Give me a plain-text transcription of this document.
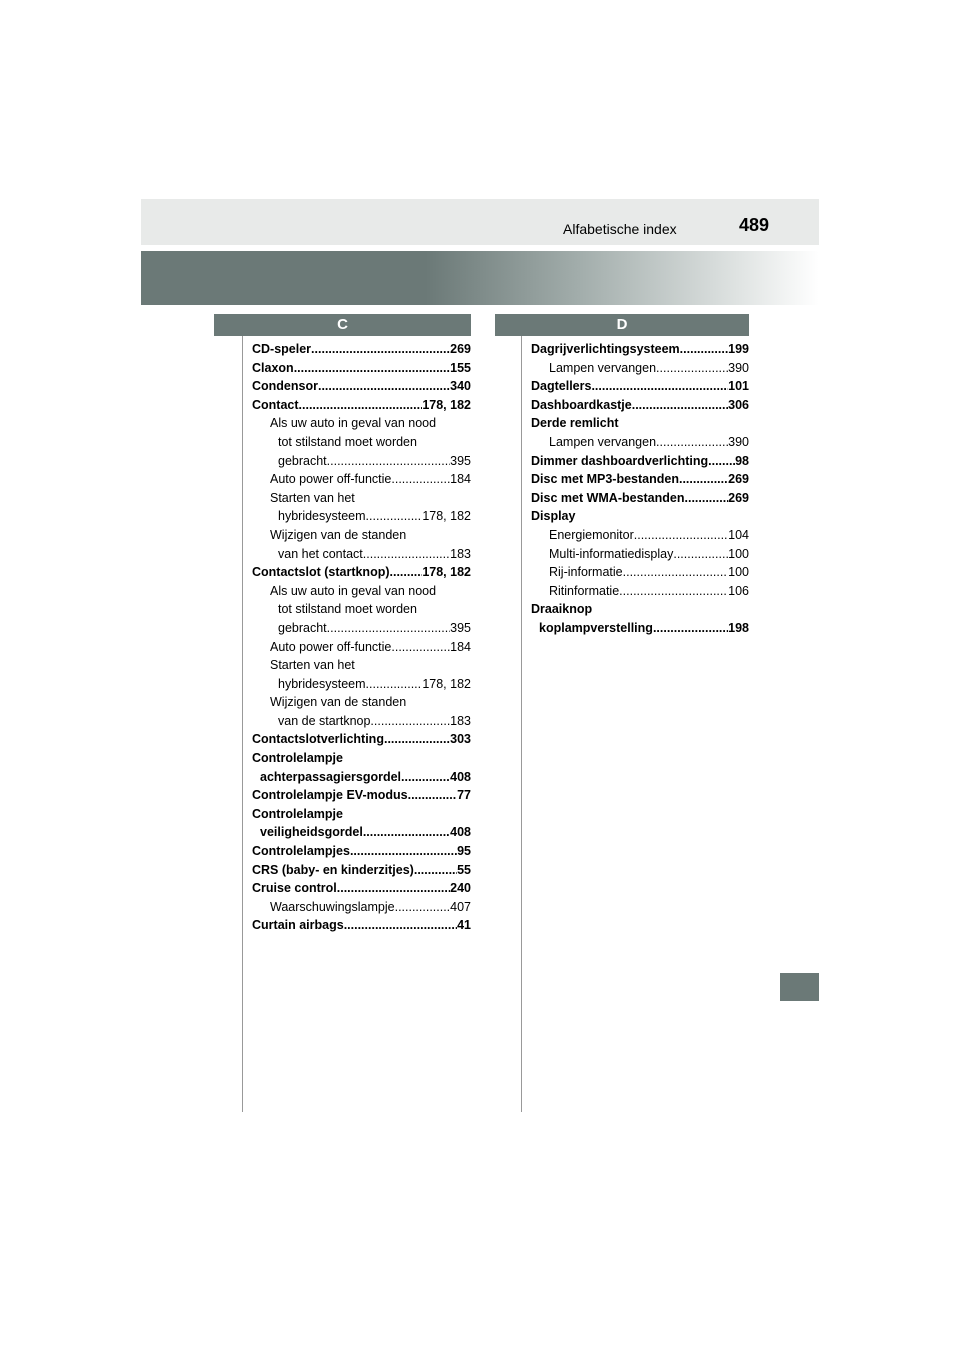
Alfabetische index	489
C	D
CD-speler .....	269
Claxon .....	155
Condensor .....	340
Contact .....	178, 182
Als uw auto in geval van nood
tot stilstand moet worden
gebracht .....	395
Auto power off-functie .....	184
Starten van het
hybridesysteem .....	178, 182
Wijzigen van de standen
van het contact .....	183
Contactslot (startknop) .....	178, 182
Als uw auto in geval van nood
tot stilstand moet worden
gebracht .....	395
Auto power off-functie .....	184
Starten van het
hybridesysteem .....	178, 182
Wijzigen van de standen
van de startknop .....	183
Contactslotverlichting .....	303
Controlelampje
achterpassagiersgordel .....	408
Controlelampje EV-modus .....	77
Controlelampje
veiligheidsgordel .....	408
Controlelampjes .....	95
CRS (baby- en kinderzitjes) .....	55
Cruise control .....	240
Waarschuwingslampje .....	407
Curtain airbags .....	41
Dagrijverlichtingsysteem .....	199
Lampen vervangen .....	390
Dagtellers .....	101
Dashboardkastje .....	306
Derde remlicht
Lampen vervangen .....	390
Dimmer dashboardverlichting ..... 98
Disc met MP3-bestanden .....	269
Disc met WMA-bestanden .....	269
Display
Energiemonitor .....	104
Multi-informatiedisplay .....	100
Rij-informatie .....	100
Ritinformatie .....	106
Draaiknop
koplampverstelling .....	198
